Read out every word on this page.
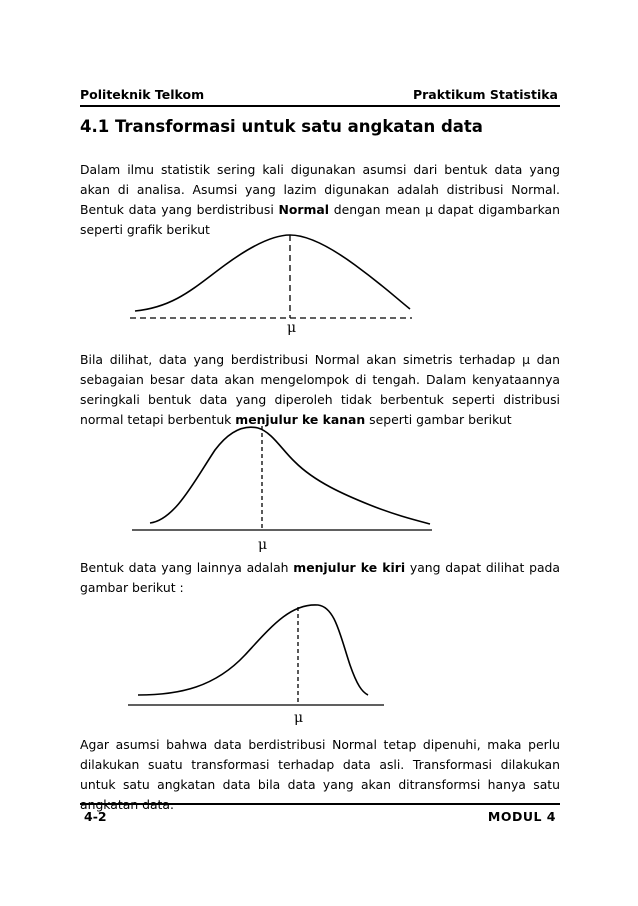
Politeknik Telkom	Praktikum Statistika
4.1 Transformasi untuk satu angkatan data
Dalam ilmu statistik sering kali digunakan asumsi dari bentuk data yang akan di analisa. Asumsi yang lazim digunakan adalah distribusi Normal. Bentuk data yang berdistribusi Normal dengan mean μ dapat digambarkan seperti grafik berikut
μ
Bila dilihat, data yang berdistribusi Normal akan simetris terhadap μ dan sebagaian besar data akan mengelompok di tengah. Dalam kenyataannya seringkali bentuk data yang diperoleh tidak berbentuk seperti distribusi normal tetapi berbentuk menjulur ke kanan seperti gambar berikut
μ
Bentuk data yang lainnya adalah menjulur ke kiri yang dapat dilihat pada gambar berikut :
μ
Agar asumsi bahwa data berdistribusi Normal tetap dipenuhi, maka perlu dilakukan suatu transformasi terhadap data asli. Transformasi dilakukan untuk satu angkatan data bila data yang akan ditransformsi hanya satu angkatan data.
4-2	MODUL 4
